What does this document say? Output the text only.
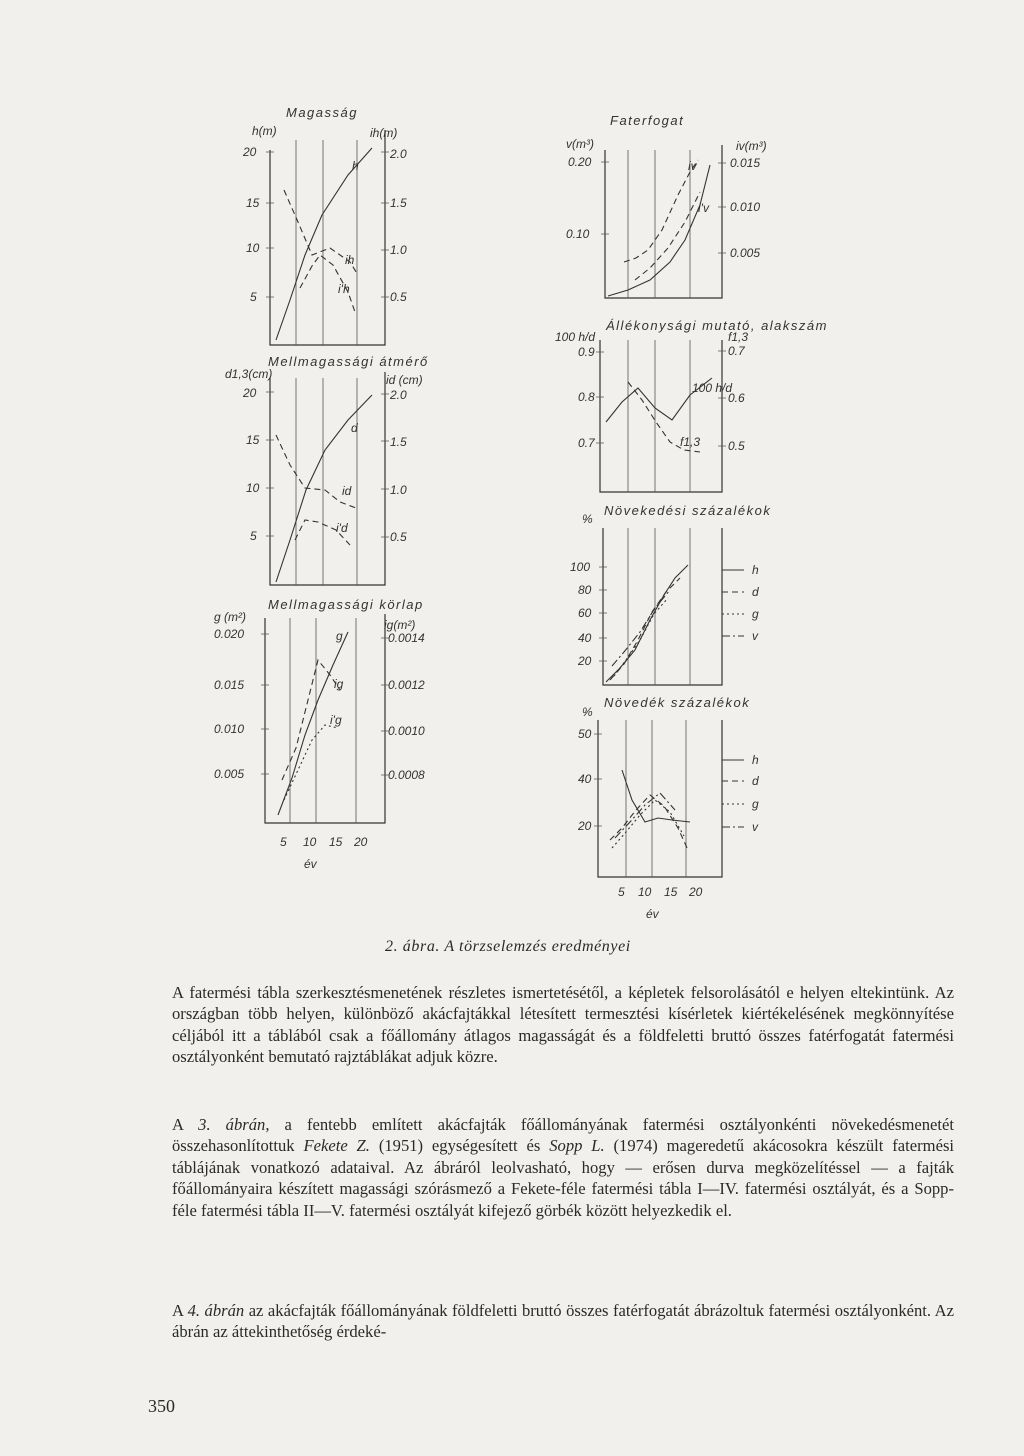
Magasság
h(m)	ih(m)
20
15
10
5
2.0
1.5
1.0
0.5
h
ih
i'h
Mellmagassági átmérő
d1,3(cm)	id (cm)
20
15
10
5
2.0
1.5
1.0
0.5
d
id
i'd
Mellmagassági körlap
g (m²)
ig(m²)
0.020
0.015
0.010
0.005
0.0014
0.0012
0.0010
0.0008
g
ig
i'g
5 10 15 20
év
Faterfogat
v(m³)	iv(m³)
0.20
0.10
0.015
0.010
0.005
iv
i'v
Állékonysági mutató, alakszám
100 h/d	f1,3
0.9
0.8
0.7
0.7
0.6
0.5
100 h/d
f1,3
Növekedési százalékok
%
100
80
60
40
20
h
d
g
v
Növedék százalékok
%
50
40
20
h
d
g
v
5 10 15 20
év

2. ábra. A törzselemzés eredményei

A fatermési tábla szerkesztésmenetének részletes ismertetésétől, a képletek felsorolásától e helyen eltekintünk. Az országban több helyen, különböző akácfajtákkal létesített termesztési kísérletek kiértékelésének megkönnyítése céljából itt a táblából csak a főállomány átlagos magasságát és a földfeletti bruttó összes fatérfogatát fatermési osztályonként bemutató rajztáblákat adjuk közre.

A 3. ábrán, a fentebb említett akácfajták főállományának fatermési osztályonkénti növekedésmenetét összehasonlítottuk Fekete Z. (1951) egységesített és Sopp L. (1974) mageredetű akácosokra készült fatermési táblájának vonatkozó adataival. Az ábráról leolvasható, hogy — erősen durva megközelítéssel — a fajták főállományaira készített magassági szórásmező a Fekete-féle fatermési tábla I—IV. fatermési osztályát, és a Sopp-féle fatermési tábla II—V. fatermési osztályát kifejező görbék között helyezkedik el.

A 4. ábrán az akácfajták főállományának földfeletti bruttó összes fatérfogatát ábrázoltuk fatermési osztályonként. Az ábrán az áttekinthetőség érdeké-

350
